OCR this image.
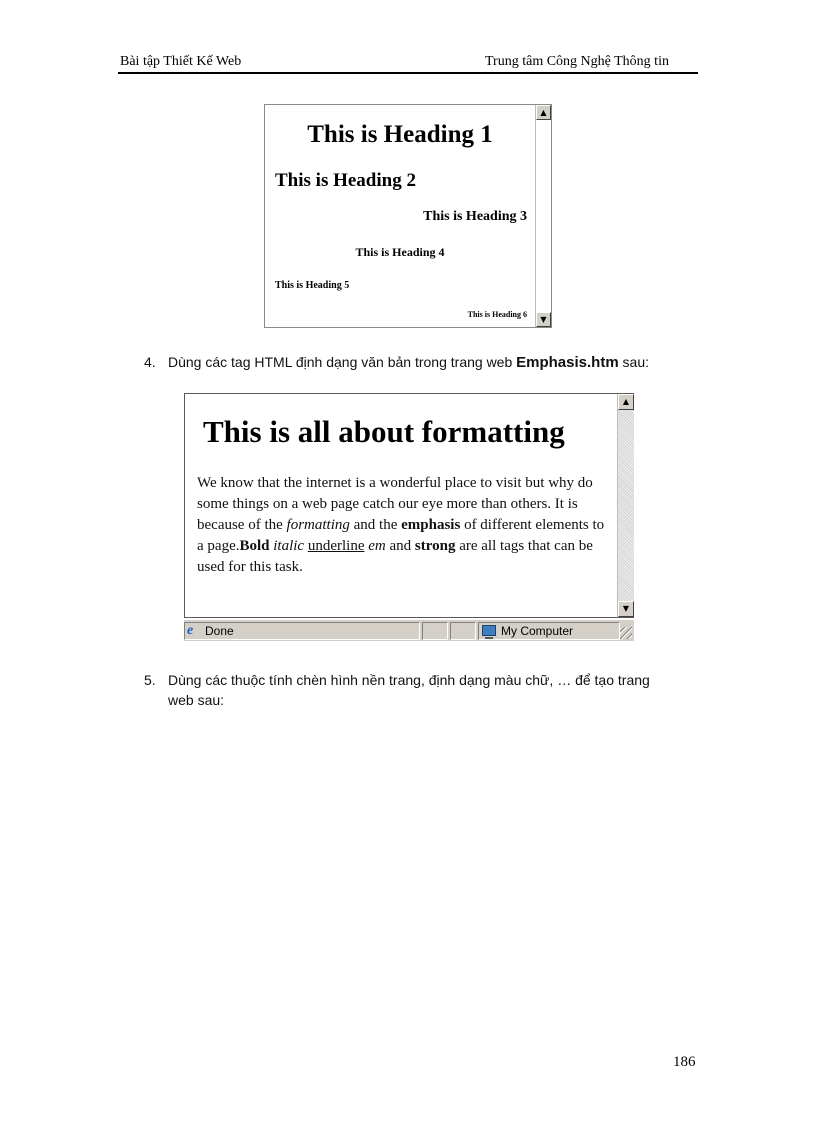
Bài tập Thiết Kế Web	Trung tâm Công Nghệ Thông tin
This is Heading 1
This is Heading 2
This is Heading 3
This is Heading 4
This is Heading 5
This is Heading 6
▲
▼
4. Dùng các tag HTML định dạng văn bản trong trang web Emphasis.htm sau:
This is all about formatting
We know that the internet is a wonderful place to visit but why do some things on a web page catch our eye more than others. It is because of the formatting and the emphasis of different elements to a page.Bold italic underline em and strong are all tags that can be used for this task.
▲
▼
e Done	My Computer
5. Dùng các thuộc tính chèn hình nền trang, định dạng màu chữ, … để tạo trang web sau:
186
